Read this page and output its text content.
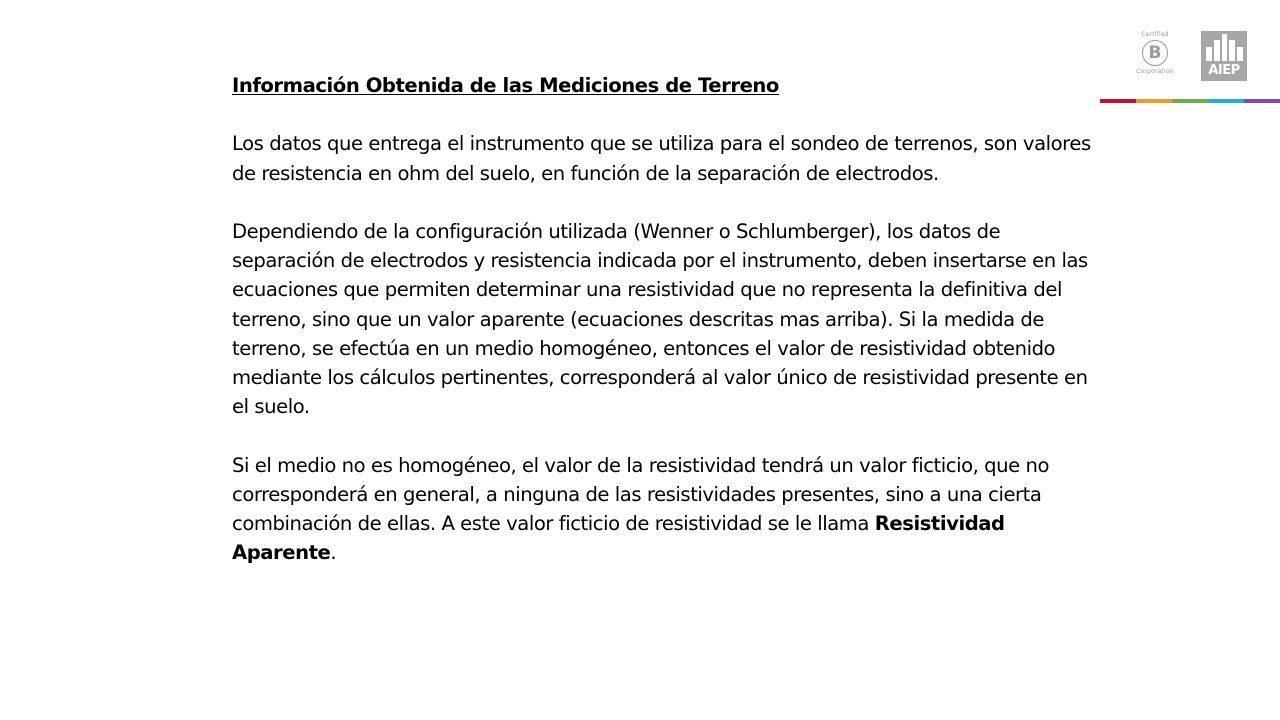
Certified
B
Corporation	AIEP
Información Obtenida de las Mediciones de Terreno

Los datos que entrega el instrumento que se utiliza para el sondeo de terrenos, son valores de resistencia en ohm del suelo, en función de la separación de electrodos.

Dependiendo de la configuración utilizada (Wenner o Schlumberger), los datos de separación de electrodos y resistencia indicada por el instrumento, deben insertarse en las ecuaciones que permiten determinar una resistividad que no representa la definitiva del terreno, sino que un valor aparente (ecuaciones descritas mas arriba). Si la medida de terreno, se efectúa en un medio homogéneo, entonces el valor de resistividad obtenido mediante los cálculos pertinentes, corresponderá al valor único de resistividad presente en el suelo.

Si el medio no es homogéneo, el valor de la resistividad tendrá un valor ficticio, que no corresponderá en general, a ninguna de las resistividades presentes, sino a una cierta combinación de ellas. A este valor ficticio de resistividad se le llama Resistividad Aparente.
